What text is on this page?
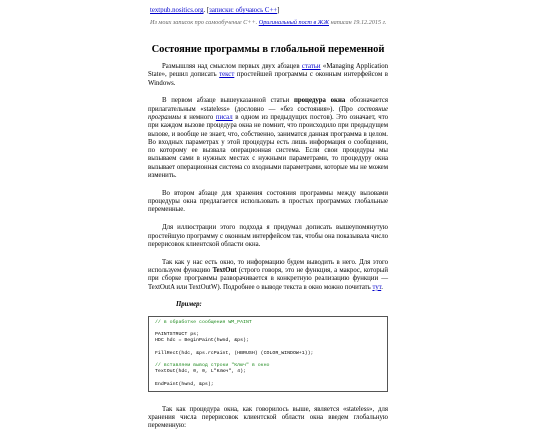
textpub.nositics.org. [записки: обучаюсь C++]
Из моих записок про самообучение C++. Оригинальный пост в ЖЖ написан 19.12.2015 г.
Состояние программы в глобальной переменной

Размышляя над смыслом первых двух абзацев статьи «Managing Application State», решил дописать текст простейшей программы с оконным интерфейсом в Windows.

В первом абзаце вышеуказанной статьи процедура окна обозначается прилагательным «stateless» (дословно — «без состояния»). (Про состояние программы я немного писал в одном из предыдущих постов). Это означает, что при каждом вызове процедура окна не помнит, что происходило при предыдущем вызове, и вообще не знает, что, собственно, заниматся данная программа в целом. Во входных параметрах у этой процедуры есть лишь информация о сообщении, по которому ее вызвала операционная система. Если свои процедуры мы вызываем сами в нужных местах с нужными параметрами, то процедуру окна вызывает операционная система со входными параметрами, которые мы не можем изменить.

Во втором абзаце для хранения состояния программы между вызовами процедуры окна предлагается использовать в простых программах глобальные переменные.

Для иллюстрации этого подхода я придумал дописать вышеупомянутую простейшую программу с оконным интерфейсом так, чтобы она показывала число перерисовок клиентской области окна.

Так как у нас есть окно, то информацию будем выводить в него. Для этого используем функцию TextOut (строго говоря, это не функция, а макрос, который при сборке программы разворачивается в конкретную реализацию функции — TextOutA или TextOutW). Подробнее о выводе текста в окно можно почитать тут.

Пример:

// в обработке сообщения WM_PAINT
PAINTSTRUCT ps;
HDC hdc = BeginPaint(hwnd, &ps);
FillRect(hdc, &ps.rcPaint, (HBRUSH) (COLOR_WINDOW+1));
// вставляем вывод строки "Ключ" в окно
TextOut(hdc, 0, 0, L"Ключ", 4);
EndPaint(hwnd, &ps);

Так как процедура окна, как говорилось выше, является «stateless», для хранения числа перерисовок клиентской области окна введем глобальную переменную:
